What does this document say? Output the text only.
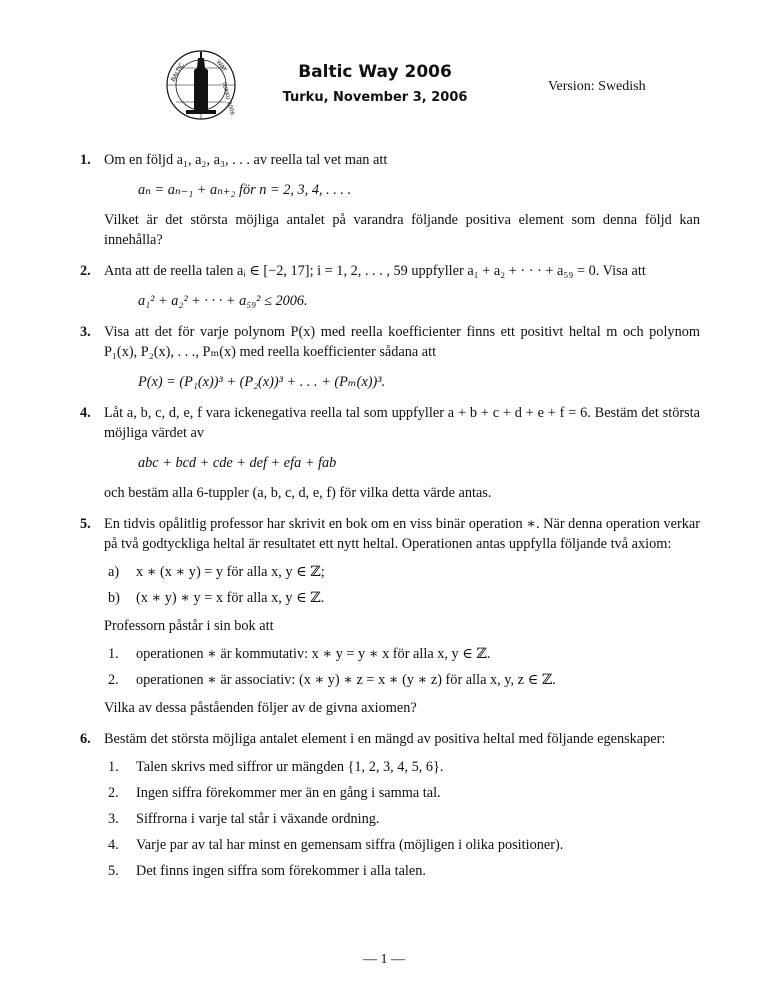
BALTIC	WAY
TURKU 2006
Baltic Way 2006
Turku, November 3, 2006
Version: Swedish
1. Om en följd a₁, a₂, a₃, . . . av reella tal vet man att
aₙ = aₙ₋₁ + aₙ₊₂ för n = 2, 3, 4, . . . .
Vilket är det största möjliga antalet på varandra följande positiva element som denna följd kan innehålla?
2. Anta att de reella talen aᵢ ∈ [−2, 17]; i = 1, 2, . . . , 59 uppfyller a₁ + a₂ + · · · + a₅₉ = 0. Visa att
a₁² + a₂² + · · · + a₅₉² ≤ 2006.
3. Visa att det för varje polynom P(x) med reella koefficienter finns ett positivt heltal m och polynom P₁(x), P₂(x), . . ., Pₘ(x) med reella koefficienter sådana att
P(x) = (P₁(x))³ + (P₂(x))³ + . . . + (Pₘ(x))³.
4. Låt a, b, c, d, e, f vara ickenegativa reella tal som uppfyller a + b + c + d + e + f = 6. Bestäm det största möjliga värdet av
abc + bcd + cde + def + efa + fab
och bestäm alla 6-tuppler (a, b, c, d, e, f) för vilka detta värde antas.
5. En tidvis opålitlig professor har skrivit en bok om en viss binär operation ∗. När denna operation verkar på två godtyckliga heltal är resultatet ett nytt heltal. Operationen antas uppfylla följande två axiom:
a) x ∗ (x ∗ y) = y för alla x, y ∈ ℤ;
b) (x ∗ y) ∗ y = x för alla x, y ∈ ℤ.
Professorn påstår i sin bok att
1. operationen ∗ är kommutativ: x ∗ y = y ∗ x för alla x, y ∈ ℤ.
2. operationen ∗ är associativ: (x ∗ y) ∗ z = x ∗ (y ∗ z) för alla x, y, z ∈ ℤ.
Vilka av dessa påståenden följer av de givna axiomen?
6. Bestäm det största möjliga antalet element i en mängd av positiva heltal med följande egenskaper:
1. Talen skrivs med siffror ur mängden {1, 2, 3, 4, 5, 6}.
2. Ingen siffra förekommer mer än en gång i samma tal.
3. Siffrorna i varje tal står i växande ordning.
4. Varje par av tal har minst en gemensam siffra (möjligen i olika positioner).
5. Det finns ingen siffra som förekommer i alla talen.
— 1 —
